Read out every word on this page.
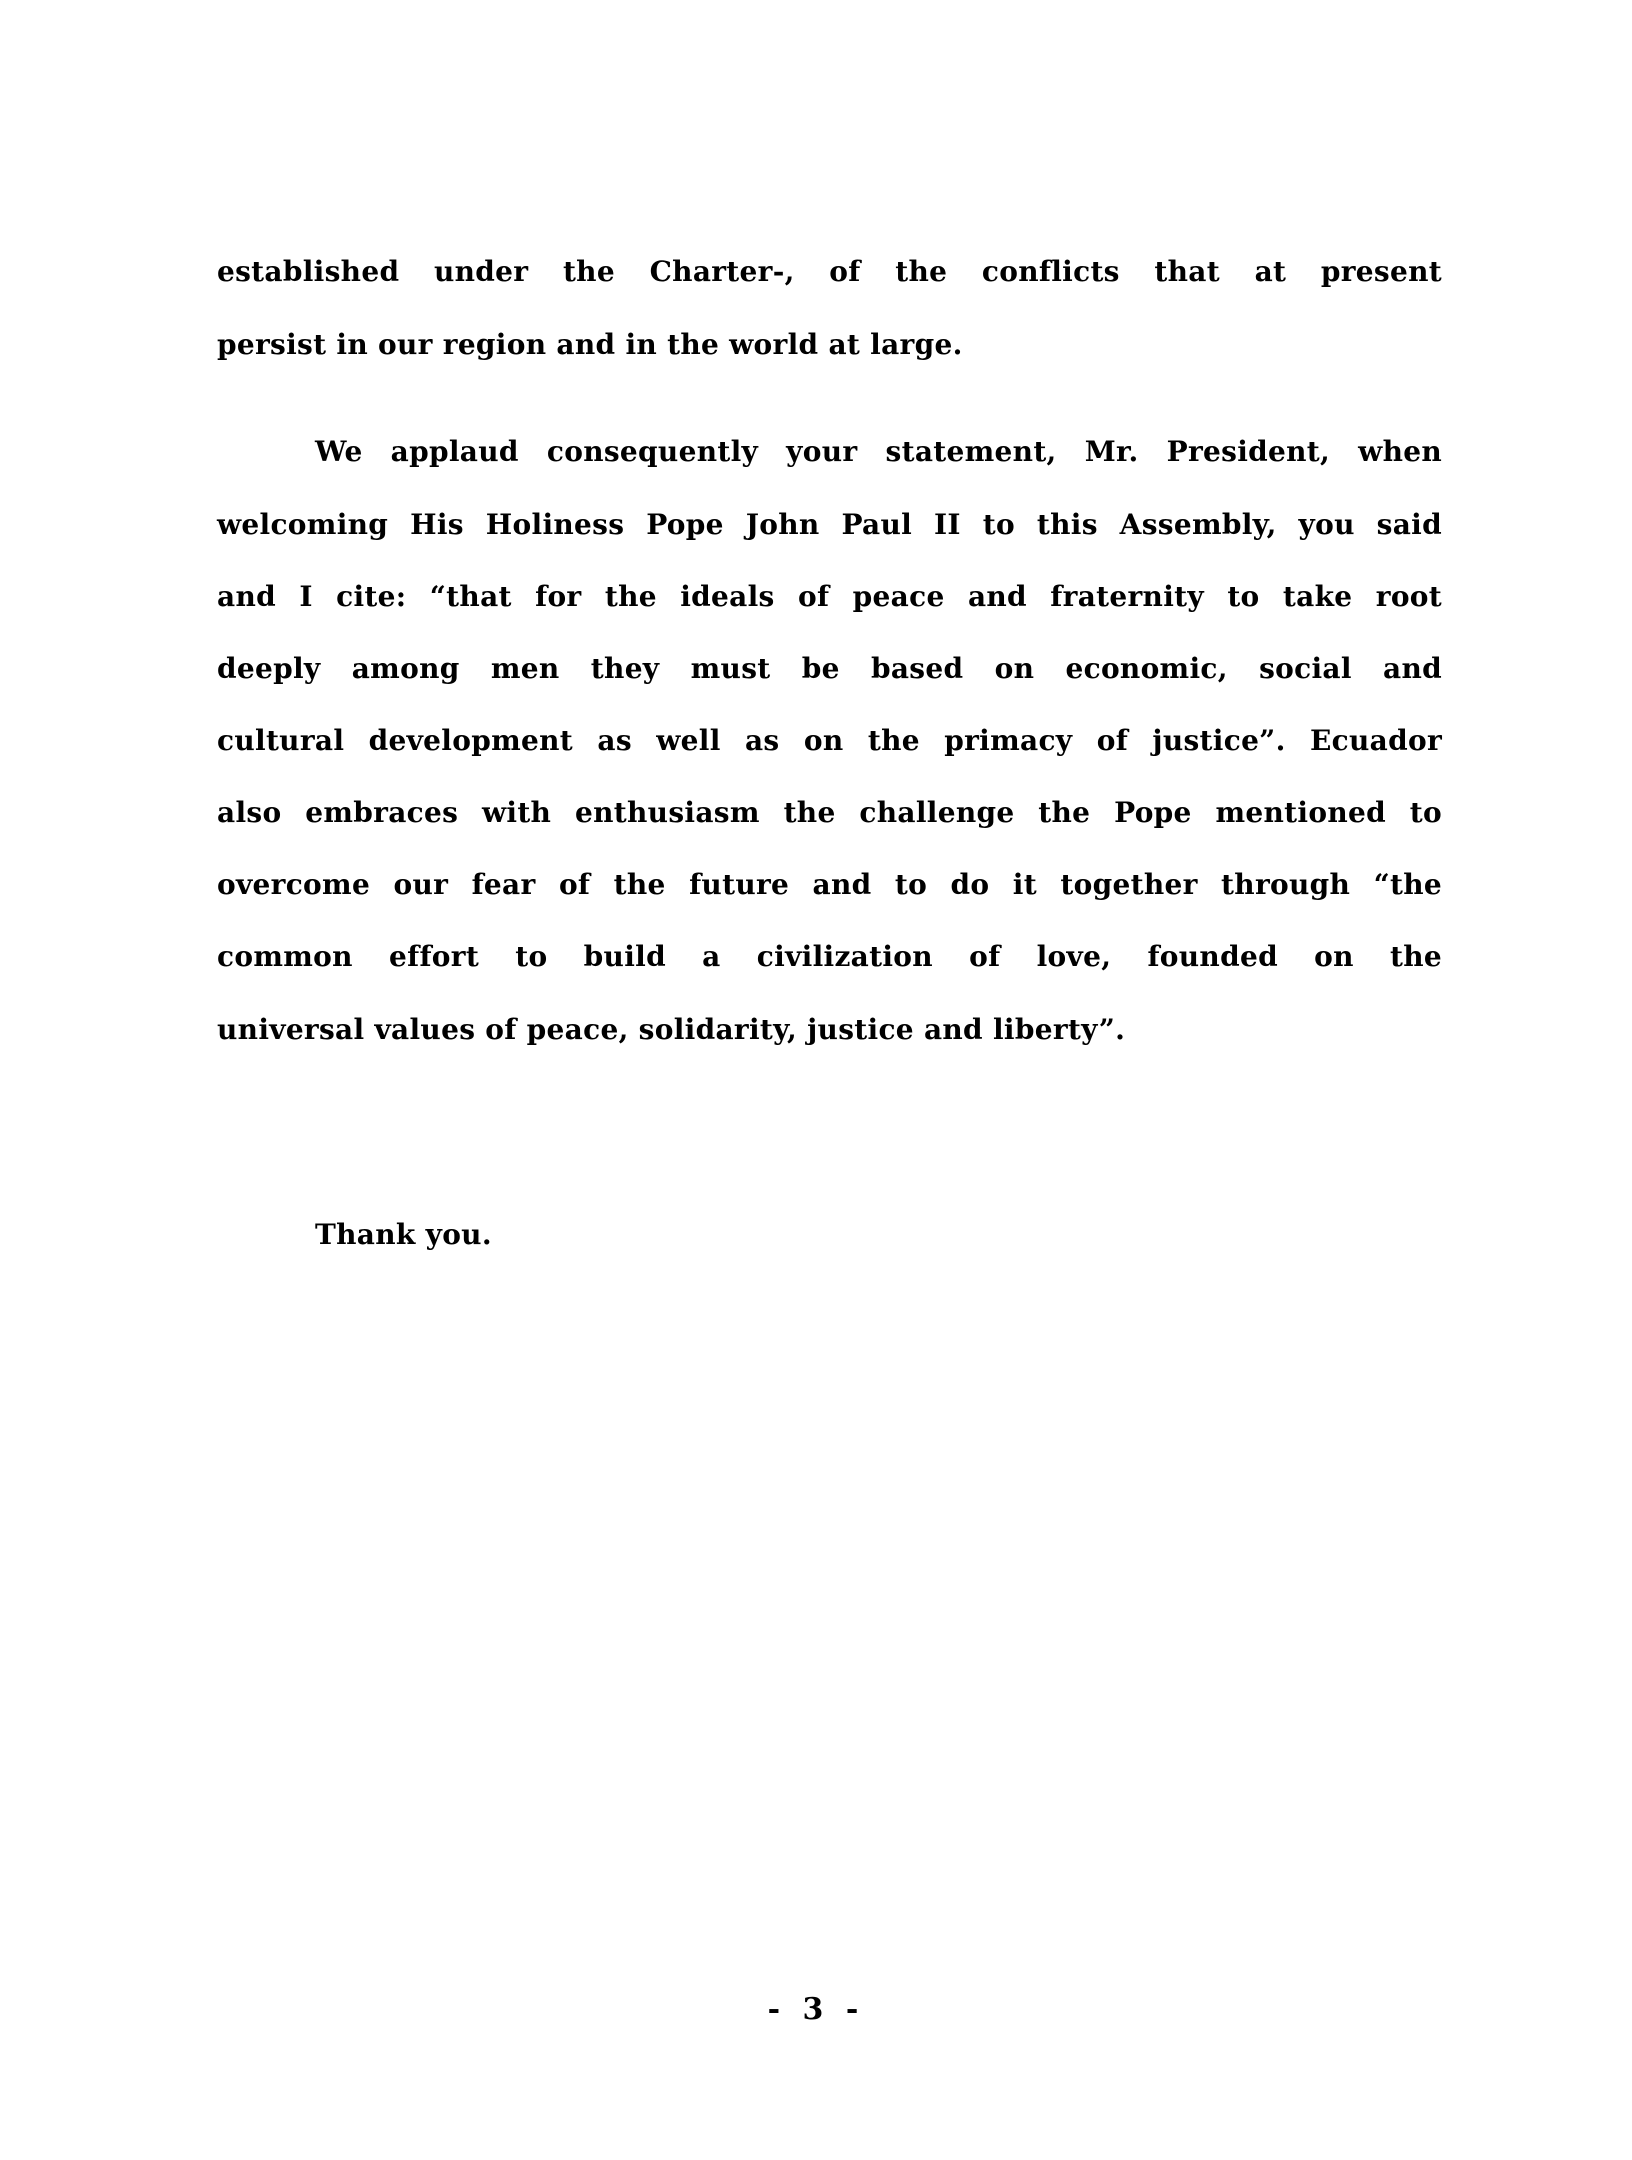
established under the Charter-, of the conflicts that at present
persist in our region and in the world at large.
We applaud consequently your statement, Mr. President, when
welcoming His Holiness Pope John Paul II to this Assembly, you said
and I cite: “that for the ideals of peace and fraternity to take root
deeply among men they must be based on economic, social and
cultural development as well as on the primacy of justice”. Ecuador
also embraces with enthusiasm the challenge the Pope mentioned to
overcome our fear of the future and to do it together through “the
common effort to build a civilization of love, founded on the
universal values of peace, solidarity, justice and liberty”.
Thank you.
- 3 -
